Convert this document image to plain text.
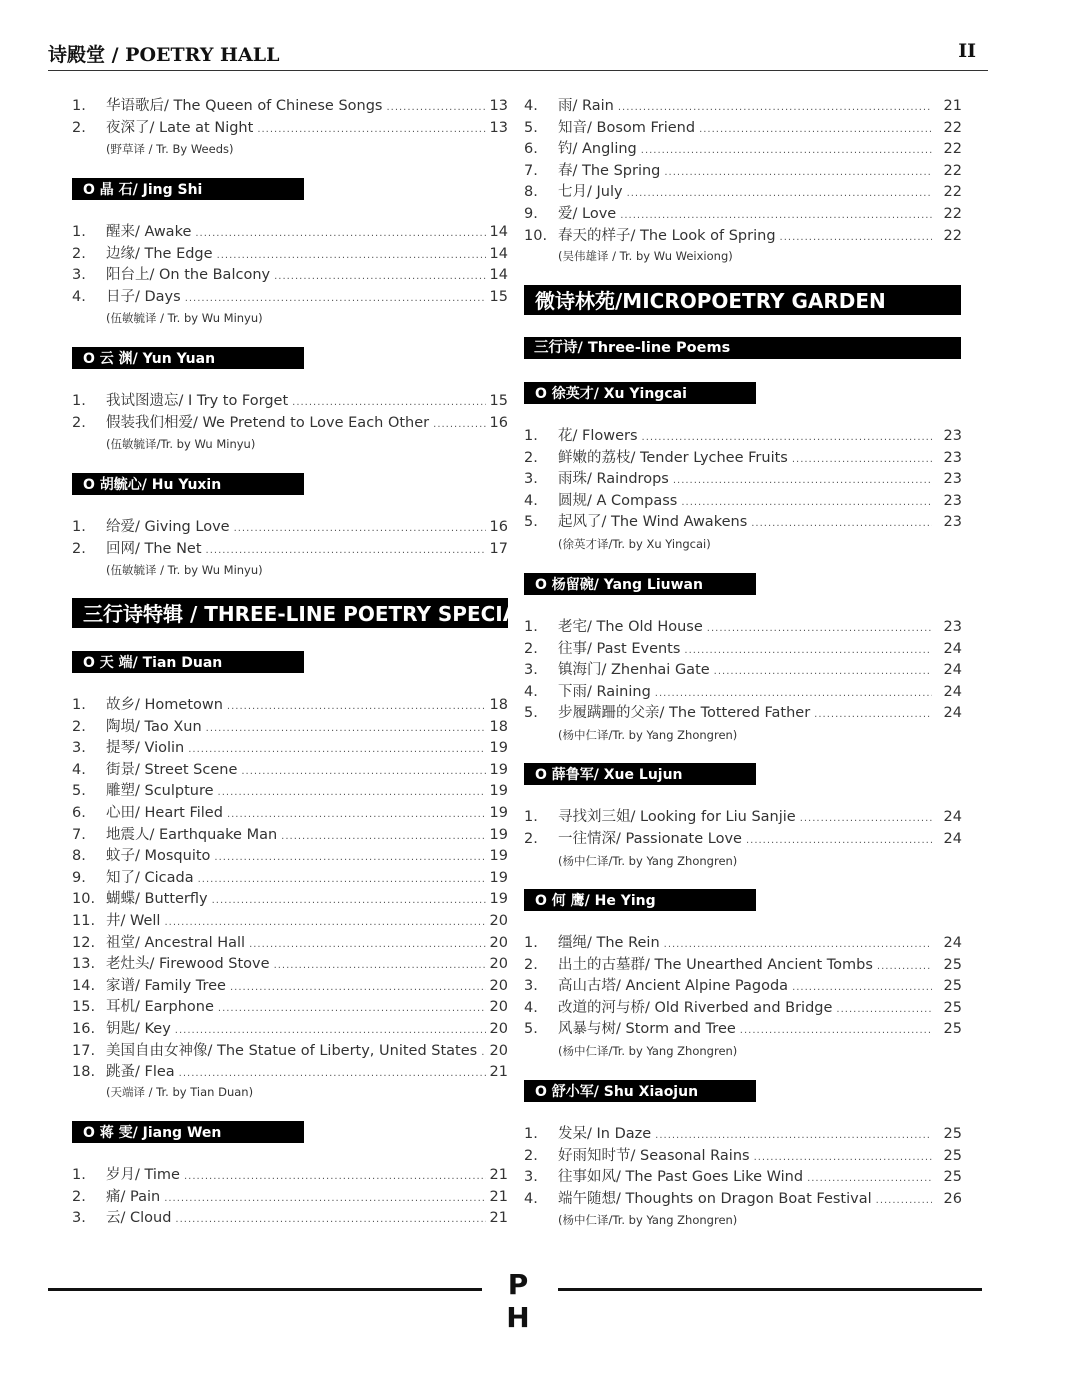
诗殿堂 / POETRY HALL	II
1.	华语歌后/ The Queen of Chinese Songs .....	13
2.	夜深了/ Late at Night .....	13
(野草译 / Tr. By Weeds)
O 晶 石/ Jing Shi
1.	醒来/ Awake .....	14
2.	边缘/ The Edge .....	14
3.	阳台上/ On the Balcony .....	14
4.	日子/ Days .....	15
(伍敏毓译 / Tr. by Wu Minyu)
O 云 渊/ Yun Yuan
1.	我试图遗忘/ I Try to Forget .....	15
2.	假装我们相爱/ We Pretend to Love Each Other .....	16
(伍敏毓译/Tr. by Wu Minyu)
O 胡毓心/ Hu Yuxin
1.	给爱/ Giving Love .....	16
2.	回网/ The Net .....	17
(伍敏毓译 / Tr. by Wu Minyu)
三行诗特辑 / THREE-LINE POETRY SPECIAL
O 天 端/ Tian Duan
1.	故乡/ Hometown .....	18
2.	陶埙/ Tao Xun .....	18
3.	提琴/ Violin .....	19
4.	街景/ Street Scene .....	19
5.	雕塑/ Sculpture .....	19
6.	心田/ Heart Filed .....	19
7.	地震人/ Earthquake Man .....	19
8.	蚊子/ Mosquito .....	19
9.	知了/ Cicada .....	19
10. 蝴蝶/ Butterfly .....	19
11. 井/ Well .....	20
12. 祖堂/ Ancestral Hall .....	20
13. 老灶头/ Firewood Stove .....	20
14. 家谱/ Family Tree .....	20
15. 耳机/ Earphone .....	20
16. 钥匙/ Key .....	20
17. 美国自由女神像/ The Statue of Liberty, United States ..... 20
18. 跳蚤/ Flea .....	21
(天端译 / Tr. by Tian Duan)
O 蒋 雯/ Jiang Wen
1.	岁月/ Time .....	21
2.	痛/ Pain .....	21
3.	云/ Cloud .....	21
4.	雨/ Rain .....	21
5.	知音/ Bosom Friend .....	22
6.	钓/ Angling .....	22
7.	春/ The Spring .....	22
8.	七月/ July .....	22
9.	爱/ Love .....	22
10. 春天的样子/ The Look of Spring .....	22
(吴伟雄译 / Tr. by Wu Weixiong)
微诗林苑/MICROPOETRY GARDEN
三行诗/ Three-line Poems
O 徐英才/ Xu Yingcai
1.	花/ Flowers .....	23
2.	鲜嫩的荔枝/ Tender Lychee Fruits .....	23
3.	雨珠/ Raindrops .....	23
4.	圆规/ A Compass .....	23
5.	起风了/ The Wind Awakens .....	23
(徐英才译/Tr. by Xu Yingcai)
O 杨留碗/ Yang Liuwan
1.	老宅/ The Old House .....	23
2.	往事/ Past Events .....	24
3.	镇海门/ Zhenhai Gate .....	24
4.	下雨/ Raining .....	24
5.	步履蹒跚的父亲/ The Tottered Father .....	24
(杨中仁译/Tr. by Yang Zhongren)
O 薛鲁军/ Xue Lujun
1.	寻找刘三姐/ Looking for Liu Sanjie .....	24
2.	一往情深/ Passionate Love .....	24
(杨中仁译/Tr. by Yang Zhongren)
O 何 鹰/ He Ying
1.	缰绳/ The Rein .....	24
2.	出土的古墓群/ The Unearthed Ancient Tombs .....	25
3.	高山古塔/ Ancient Alpine Pagoda .....	25
4.	改道的河与桥/ Old Riverbed and Bridge .....	25
5.	风暴与树/ Storm and Tree .....	25
(杨中仁译/Tr. by Yang Zhongren)
O 舒小军/ Shu Xiaojun
1.	发呆/ In Daze .....	25
2.	好雨知时节/ Seasonal Rains .....	25
3.	往事如风/ The Past Goes Like Wind .....	25
4.	端午随想/ Thoughts on Dragon Boat Festival .....	26
(杨中仁译/Tr. by Yang Zhongren)
P H
